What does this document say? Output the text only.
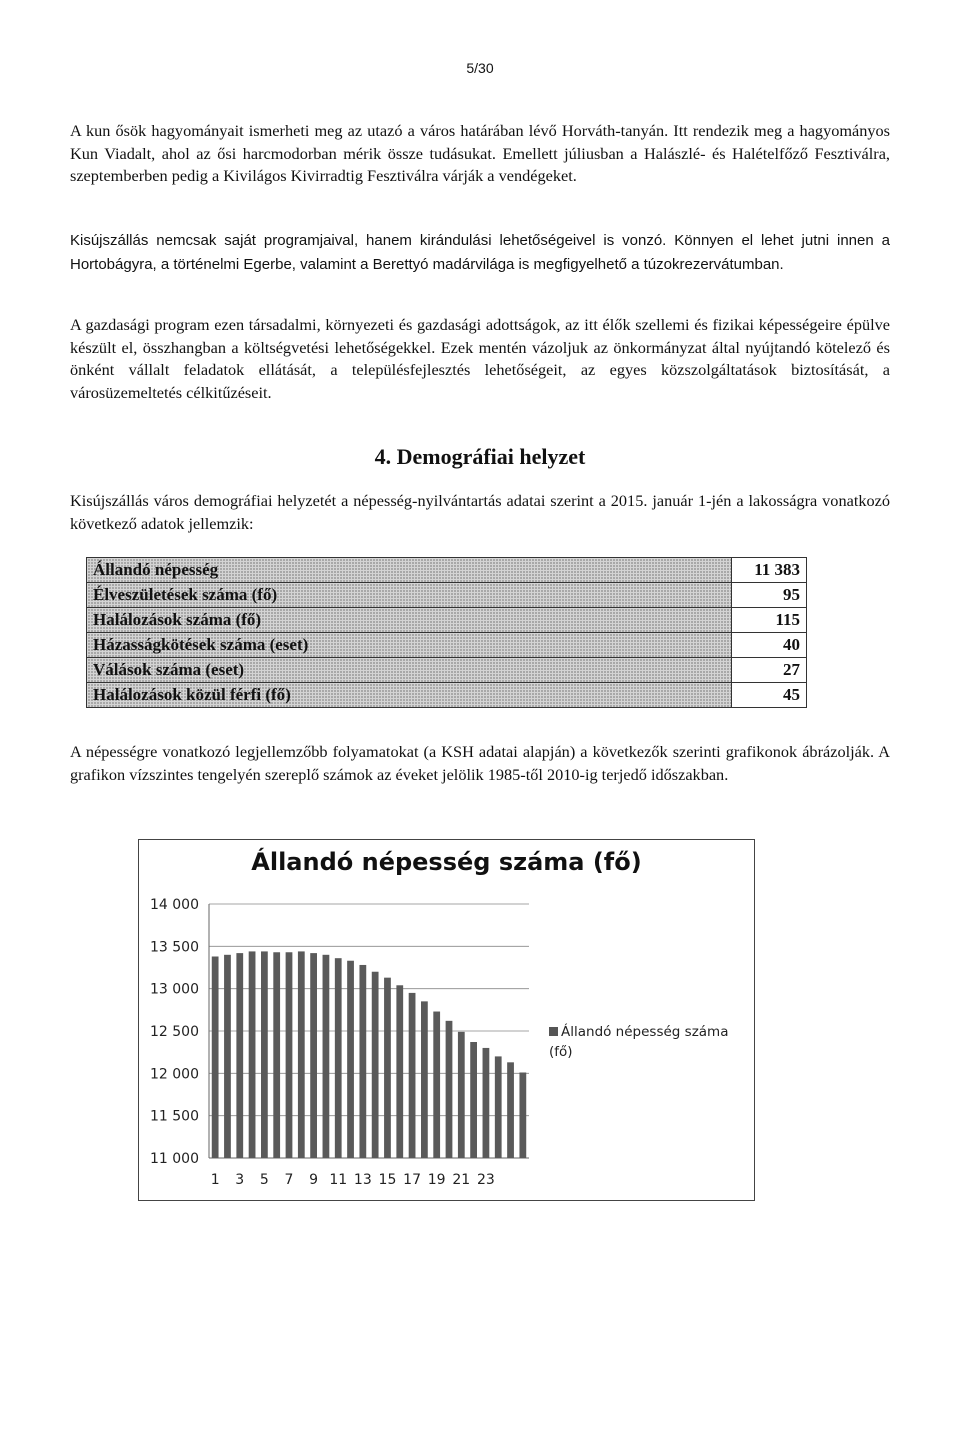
5/30

A kun ősök hagyományait ismerheti meg az utazó a város határában lévő Horváth-tanyán. Itt rendezik meg a hagyományos Kun Viadalt, ahol az ősi harcmodorban mérik össze tudásukat. Emellett júliusban a Halászlé- és Halételfőző Fesztiválra, szeptemberben pedig a Kivilágos Kivirradtig Fesztiválra várják a vendégeket.

Kisújszállás nemcsak saját programjaival, hanem kirándulási lehetőségeivel is vonzó. Könnyen el lehet jutni innen a Hortobágyra, a történelmi Egerbe, valamint a Berettyó madárvilága is megfigyelhető a túzokrezervátumban.

A gazdasági program ezen társadalmi, környezeti és gazdasági adottságok, az itt élők szellemi és fizikai képességeire épülve készült el, összhangban a költségvetési lehetőségekkel. Ezek mentén vázoljuk az önkormányzat által nyújtandó kötelező és önként vállalt feladatok ellátását, a településfejlesztés lehetőségeit, az egyes közszolgáltatások biztosítását, a városüzemeltetés célkitűzéseit.

4. Demográfiai helyzet

Kisújszállás város demográfiai helyzetét a népesség-nyilvántartás adatai szerint a 2015. január 1-jén a lakosságra vonatkozó következő adatok jellemzik:

Állandó népesség	11 383
Élveszületések száma (fő)	95
Halálozások száma (fő)	115
Házasságkötések száma (eset)	40
Válások száma (eset)	27
Halálozások közül férfi (fő)	45

A népességre vonatkozó legjellemzőbb folyamatokat (a KSH adatai alapján) a következők szerinti grafikonok ábrázolják. A grafikon vízszintes tengelyén szereplő számok az éveket jelölik 1985-től 2010-ig terjedő időszakban.

11 000
11 500
12 000
12 500
13 000
13 500
14 000
1 3 5 7 9 11 13 15 17 19 21 23
Állandó népesség száma (fő)
Állandó népesség száma
(fő)
